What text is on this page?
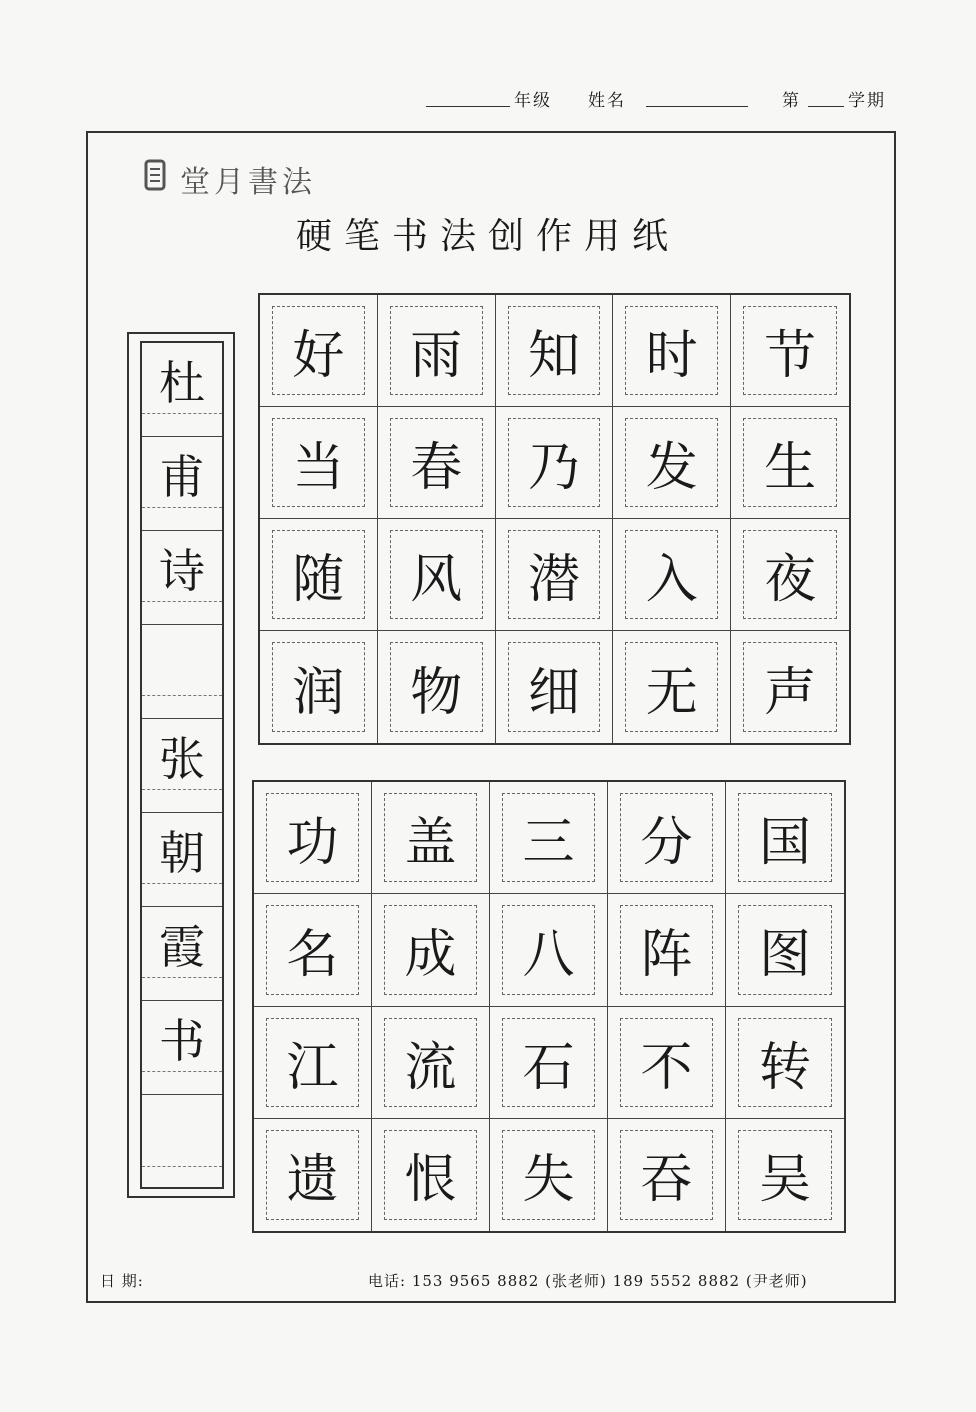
年级 姓名	第	学期
堂月書法
硬笔书法创作用纸
杜
甫
诗
张
朝
霞
书
好	雨	知	时	节
当	春	乃	发	生
随	风	潜	入	夜
润	物	细	无	声
功	盖	三	分	国
名	成	八	阵	图
江	流	石	不	转
遗	恨	失	吞	吴
日 期:	电话: 153 9565 8882 (张老师) 189 5552 8882 (尹老师)
